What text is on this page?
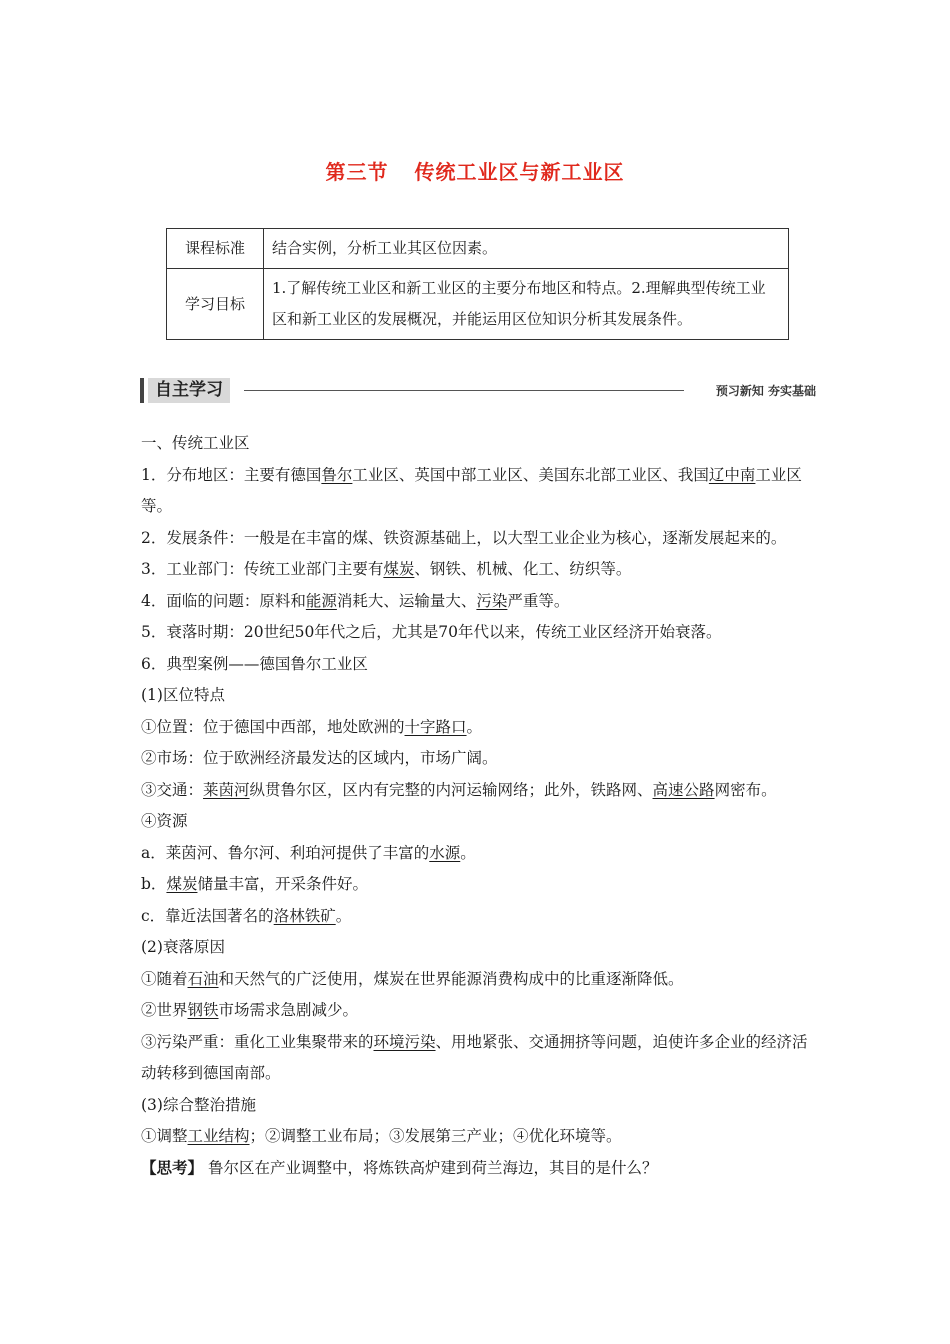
第三节 传统工业区与新工业区
课程标准	结合实例，分析工业其区位因素。
学习目标	1.了解传统工业区和新工业区的主要分布地区和特点。2.理解典型传统工业区和新工业区的发展概况，并能运用区位知识分析其发展条件。
自主学习	预习新知 夯实基础

一、传统工业区

1．分布地区：主要有德国鲁尔工业区、英国中部工业区、美国东北部工业区、我国辽中南工业区等。

2．发展条件：一般是在丰富的煤、铁资源基础上，以大型工业企业为核心，逐渐发展起来的。

3．工业部门：传统工业部门主要有煤炭、钢铁、机械、化工、纺织等。

4．面临的问题：原料和能源消耗大、运输量大、污染严重等。

5．衰落时期：20世纪50年代之后，尤其是70年代以来，传统工业区经济开始衰落。

6．典型案例——德国鲁尔工业区

(1)区位特点

①位置：位于德国中西部，地处欧洲的十字路口。

②市场：位于欧洲经济最发达的区域内，市场广阔。

③交通：莱茵河纵贯鲁尔区，区内有完整的内河运输网络；此外，铁路网、高速公路网密布。

④资源

a．莱茵河、鲁尔河、利珀河提供了丰富的水源。

b．煤炭储量丰富，开采条件好。

c．靠近法国著名的洛林铁矿。

(2)衰落原因

①随着石油和天然气的广泛使用，煤炭在世界能源消费构成中的比重逐渐降低。

②世界钢铁市场需求急剧减少。

③污染严重：重化工业集聚带来的环境污染、用地紧张、交通拥挤等问题，迫使许多企业的经济活动转移到德国南部。

(3)综合整治措施

①调整工业结构；②调整工业布局；③发展第三产业；④优化环境等。

【思考】 鲁尔区在产业调整中，将炼铁高炉建到荷兰海边，其目的是什么？
